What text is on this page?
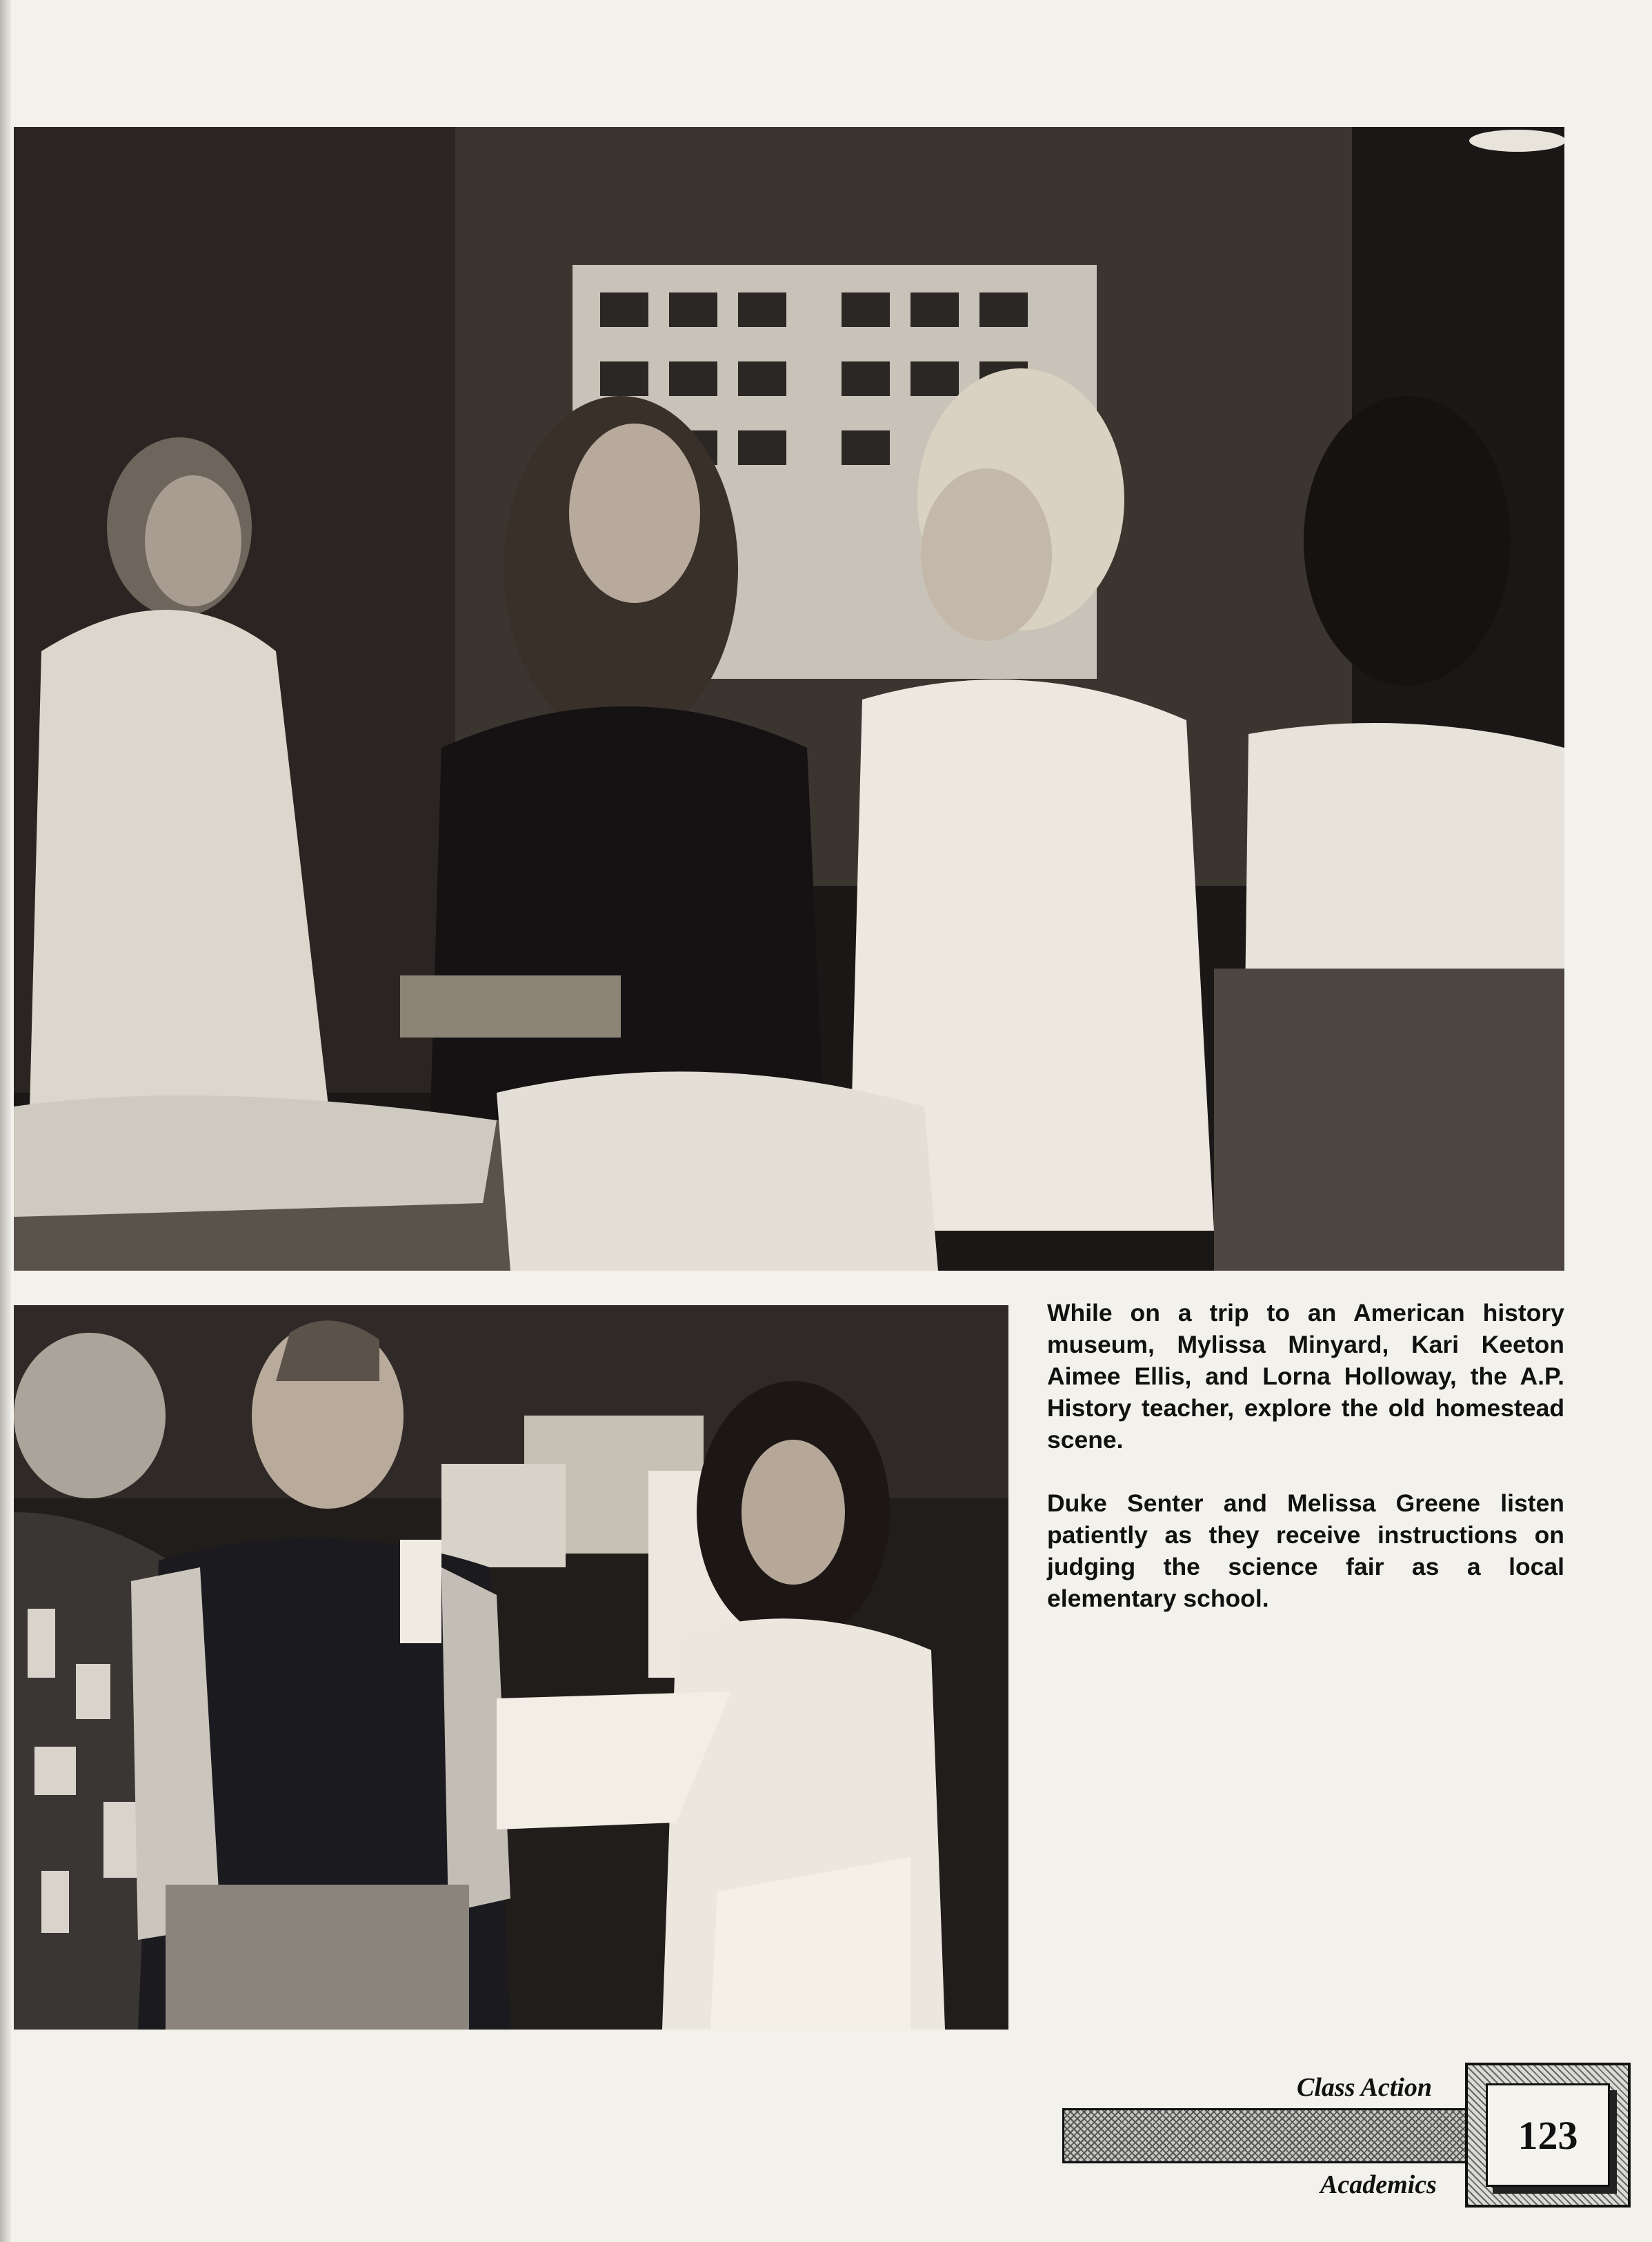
While on a trip to an American history museum, Mylissa Minyard, Kari Keeton Aimee Ellis, and Lorna Holloway, the A.P. History teacher, explore the old homestead scene.

Duke Senter and Melissa Greene listen patiently as they receive instructions on judging the science fair as a local elementary school.

Class Action
Academics
123
